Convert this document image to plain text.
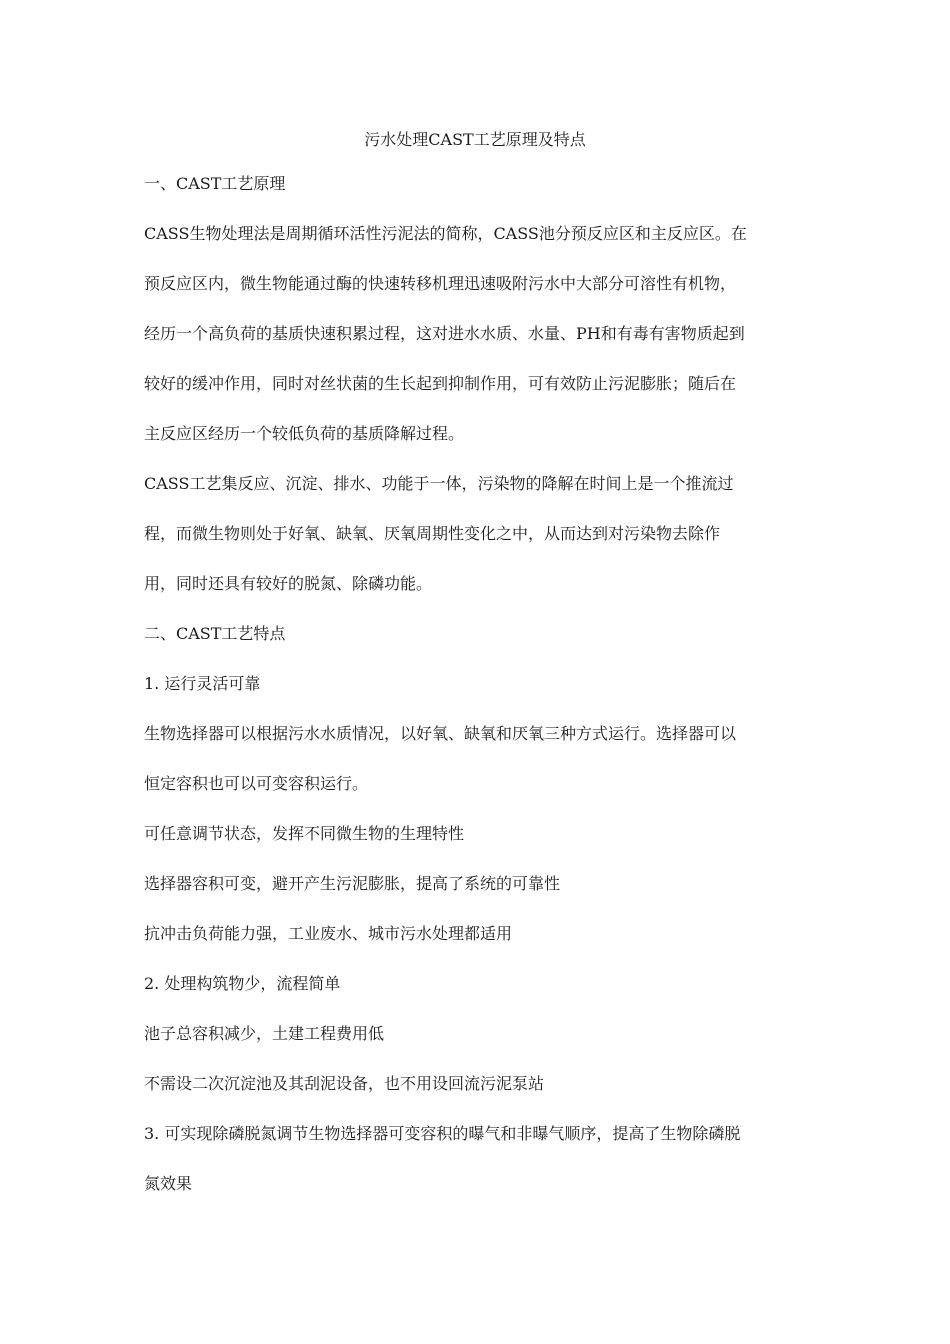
污水处理CAST工艺原理及特点
一、CAST工艺原理
CASS生物处理法是周期循环活性污泥法的简称，CASS池分预反应区和主反应区。在
预反应区内，微生物能通过酶的快速转移机理迅速吸附污水中大部分可溶性有机物，
经历一个高负荷的基质快速积累过程，这对进水水质、水量、PH和有毒有害物质起到
较好的缓冲作用，同时对丝状菌的生长起到抑制作用，可有效防止污泥膨胀；随后在
主反应区经历一个较低负荷的基质降解过程。
CASS工艺集反应、沉淀、排水、功能于一体，污染物的降解在时间上是一个推流过
程，而微生物则处于好氧、缺氧、厌氧周期性变化之中，从而达到对污染物去除作
用，同时还具有较好的脱氮、除磷功能。
二、CAST工艺特点
1. 运行灵活可靠
生物选择器可以根据污水水质情况，以好氧、缺氧和厌氧三种方式运行。选择器可以
恒定容积也可以可变容积运行。
可任意调节状态，发挥不同微生物的生理特性
选择器容积可变，避开产生污泥膨胀，提高了系统的可靠性
抗冲击负荷能力强，工业废水、城市污水处理都适用
2. 处理构筑物少，流程简单
池子总容积减少，土建工程费用低
不需设二次沉淀池及其刮泥设备，也不用设回流污泥泵站
3. 可实现除磷脱氮调节生物选择器可变容积的曝气和非曝气顺序，提高了生物除磷脱
氮效果
